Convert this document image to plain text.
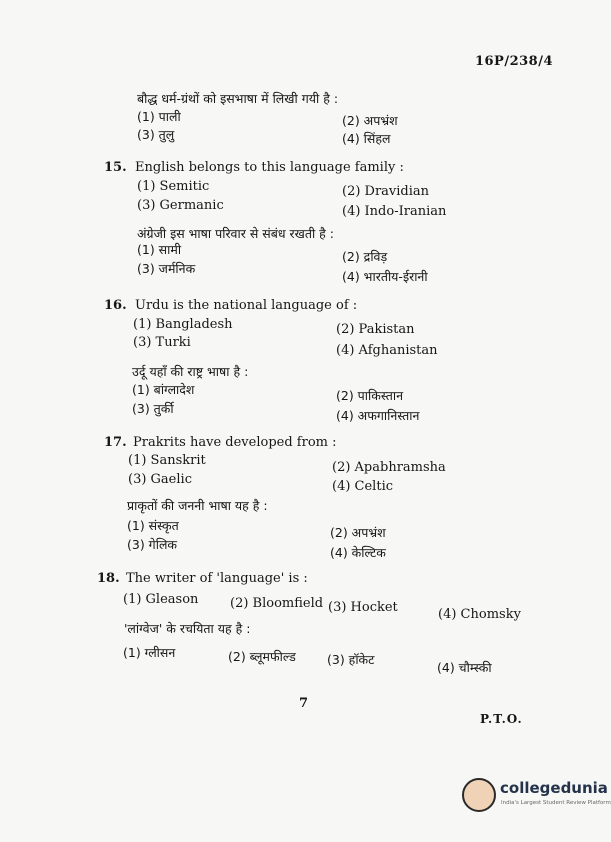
16P/238/4
बौद्ध धर्म-ग्रंथों को इसभाषा में लिखी गयी है :
(1) पाली	(2) अपभ्रंश
(3) तुलु	(4) सिंहल
15. English belongs to this language family :
(1) Semitic	(2) Dravidian
(3) Germanic	(4) Indo-Iranian
अंग्रेजी इस भाषा परिवार से संबंध रखती है :
(1) सामी	(2) द्रविड़
(3) जर्मनिक
(4) भारतीय-ईरानी
16. Urdu is the national language of :
(1) Bangladesh	(2) Pakistan
(3) Turki
(4) Afghanistan
उर्दू यहाँ की राष्ट्र भाषा है :
(1) बांग्लादेश	(2) पाकिस्तान
(3) तुर्की	(4) अफगानिस्तान
17. Prakrits have developed from :
(1) Sanskrit	(2) Apabhramsha
(3) Gaelic	(4) Celtic
प्राकृतों की जननी भाषा यह है :
(1) संस्कृत	(2) अपभ्रंश
(3) गेलिक
(4) केल्टिक
18. The writer of 'language' is :
(1) Gleason (2) Bloomfield (3) Hocket	(4) Chomsky
'लांग्वेज' के रचयिता यह है :
(1) ग्लीसन	(2) ब्लूमफील्ड (3) हॉकेट
(4) चौम्स्की
7
P.T.O.
collegedunia
India's Largest Student Review Platform
